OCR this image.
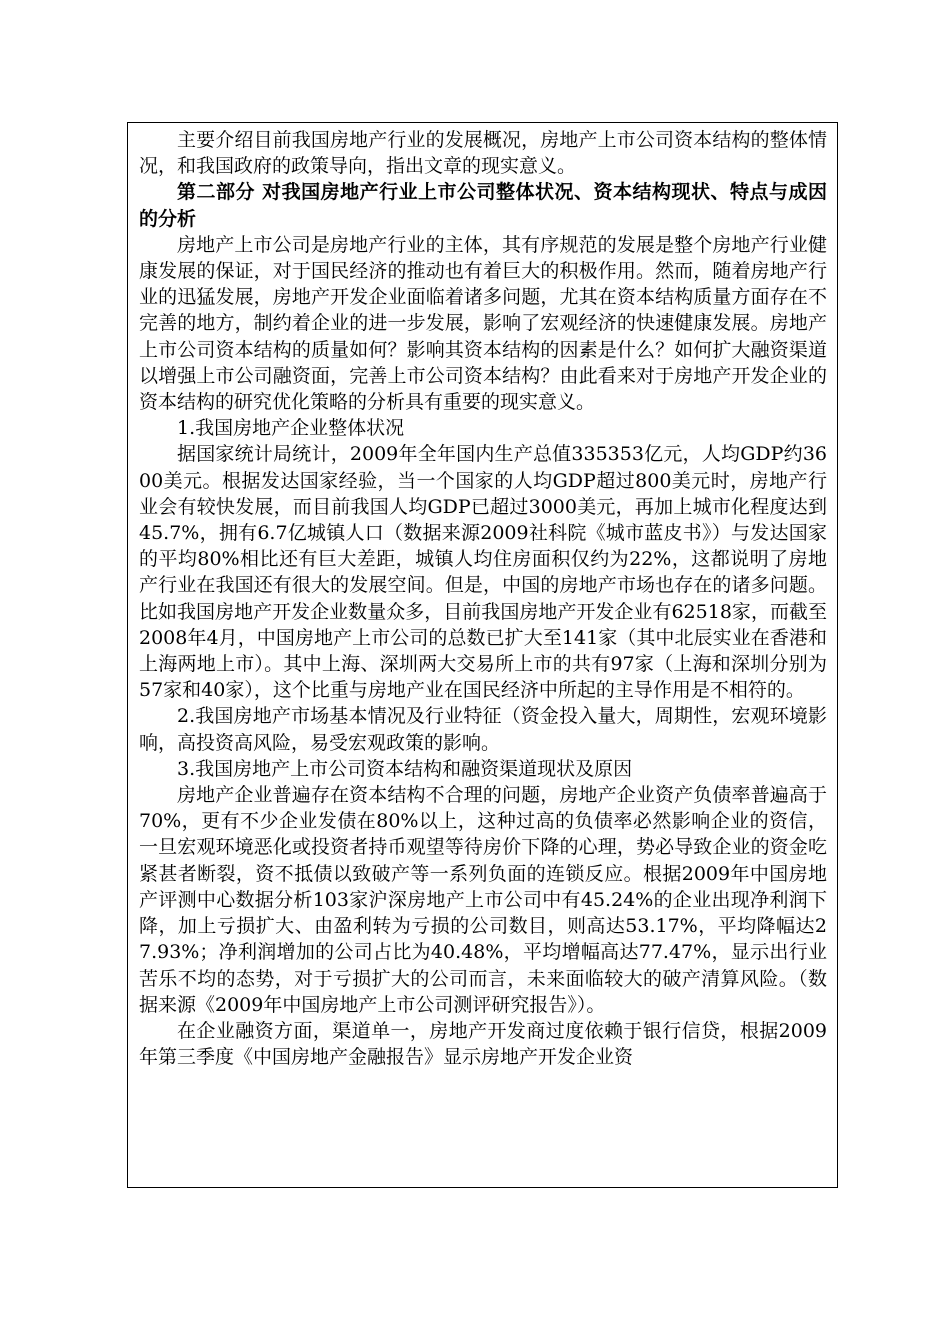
主要介绍目前我国房地产行业的发展概况，房地产上市公司资本结构的整体情况，和我国政府的政策导向，指出文章的现实意义。

第二部分 对我国房地产行业上市公司整体状况、资本结构现状、特点与成因的分析

房地产上市公司是房地产行业的主体，其有序规范的发展是整个房地产行业健康发展的保证，对于国民经济的推动也有着巨大的积极作用。然而，随着房地产行业的迅猛发展，房地产开发企业面临着诸多问题，尤其在资本结构质量方面存在不完善的地方，制约着企业的进一步发展，影响了宏观经济的快速健康发展。房地产上市公司资本结构的质量如何？影响其资本结构的因素是什么？如何扩大融资渠道以增强上市公司融资面，完善上市公司资本结构？由此看来对于房地产开发企业的资本结构的研究优化策略的分析具有重要的现实意义。

1.我国房地产企业整体状况

据国家统计局统计，2009年全年国内生产总值335353亿元，人均GDP约3600美元。根据发达国家经验，当一个国家的人均GDP超过800美元时，房地产行业会有较快发展，而目前我国人均GDP已超过3000美元，再加上城市化程度达到45.7%，拥有6.7亿城镇人口（数据来源2009社科院《城市蓝皮书》）与发达国家的平均80%相比还有巨大差距，城镇人均住房面积仅约为22%，这都说明了房地产行业在我国还有很大的发展空间。但是，中国的房地产市场也存在的诸多问题。比如我国房地产开发企业数量众多，目前我国房地产开发企业有62518家，而截至2008年4月，中国房地产上市公司的总数已扩大至141家（其中北辰实业在香港和上海两地上市）。其中上海、深圳两大交易所上市的共有97家（上海和深圳分别为57家和40家），这个比重与房地产业在国民经济中所起的主导作用是不相符的。

2.我国房地产市场基本情况及行业特征（资金投入量大，周期性，宏观环境影响，高投资高风险，易受宏观政策的影响。

3.我国房地产上市公司资本结构和融资渠道现状及原因

房地产企业普遍存在资本结构不合理的问题，房地产企业资产负债率普遍高于70%，更有不少企业发债在80%以上，这种过高的负债率必然影响企业的资信，一旦宏观环境恶化或投资者持币观望等待房价下降的心理，势必导致企业的资金吃紧甚者断裂，资不抵债以致破产等一系列负面的连锁反应。根据2009年中国房地产评测中心数据分析103家沪深房地产上市公司中有45.24%的企业出现净利润下降，加上亏损扩大、由盈利转为亏损的公司数目，则高达53.17%，平均降幅达27.93%；净利润增加的公司占比为40.48%，平均增幅高达77.47%，显示出行业苦乐不均的态势，对于亏损扩大的公司而言，未来面临较大的破产清算风险。（数据来源《2009年中国房地产上市公司测评研究报告》）。

在企业融资方面，渠道单一，房地产开发商过度依赖于银行信贷，根据2009年第三季度《中国房地产金融报告》显示房地产开发企业资
